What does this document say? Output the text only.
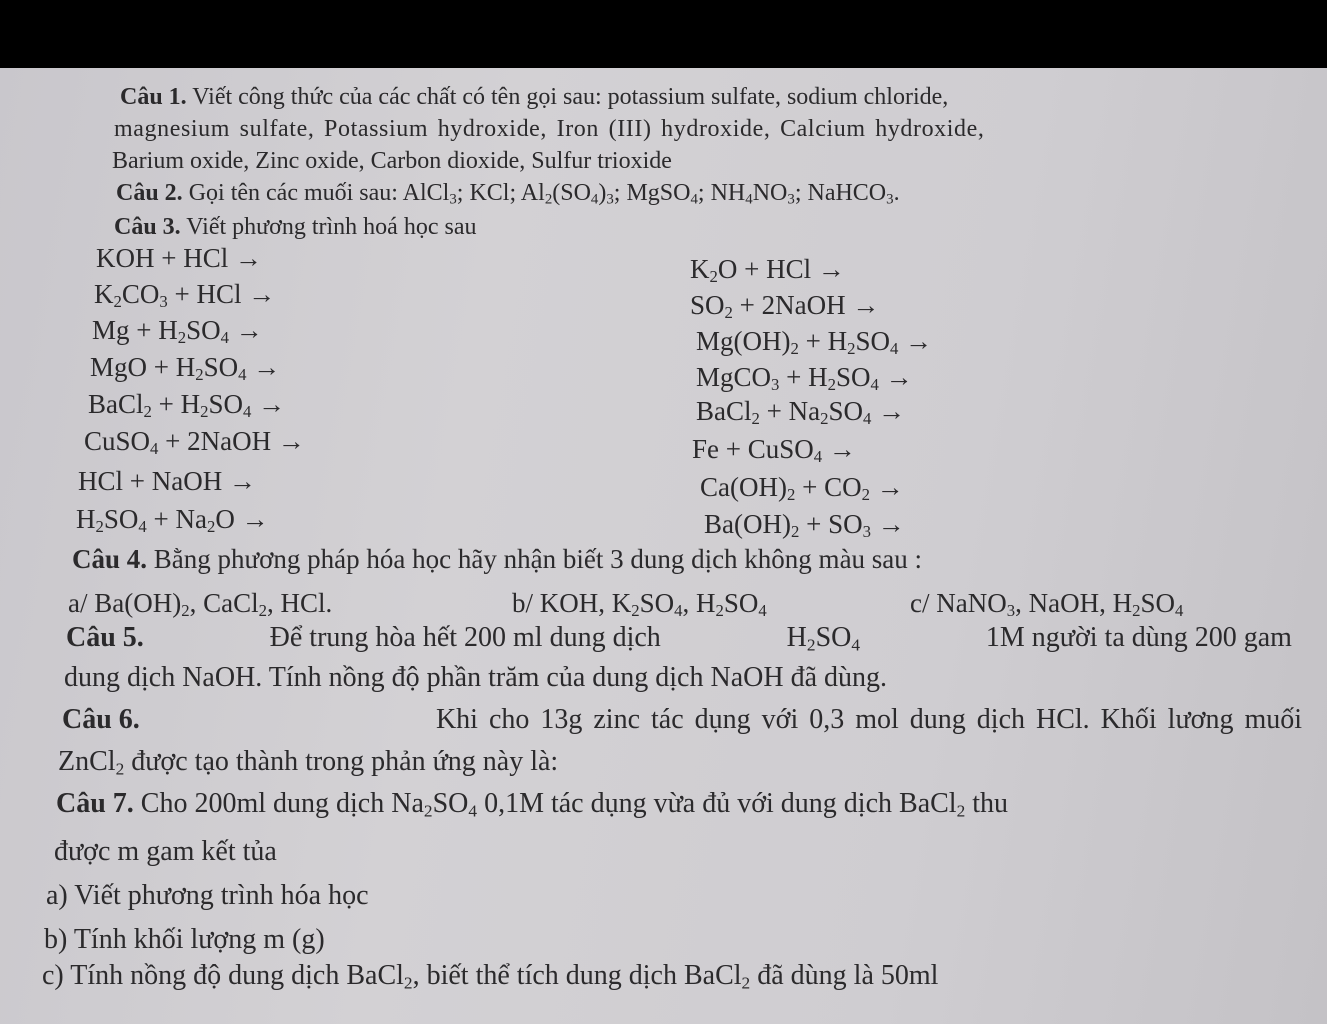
Câu 1. Viết công thức của các chất có tên gọi sau: potassium sulfate, sodium chloride,
magnesium sulfate, Potassium hydroxide, Iron (III) hydroxide, Calcium hydroxide,
Barium oxide, Zinc oxide, Carbon dioxide, Sulfur trioxide
Câu 2. Gọi tên các muối sau: AlCl$_3$; KCl; $Al_2(SO_4)_3$; MgSO$_4$; $NH_4NO_3$; NaHCO$_3$.
Câu 3. Viết phương trình hoá học sau
KOH + HCl →
$K_2CO_3$ + HCl →
$Mg + H_2SO_4$ →
MgO + $H_2SO_4$ →
BaCl$_2$ + $H_2SO_4$ →
CuSO$_4$ + 2NaOH →
HCl + NaOH →
$H_2SO_4 + Na_2O$ →
$K_2O$ + HCl →
$SO_2$ + 2NaOH →
$Mg(OH)_2 + H_2SO_4$ →
MgCO$_3$ + $H_2SO_4$ →
BaCl$_2$ + $Na_2SO_4$ →
Fe + CuSO$_4$ →
$Ca(OH)_2 + CO_2$ →
$Ba(OH)_2 + SO_3$ →
Câu 4. Bằng phương pháp hóa học hãy nhận biết 3 dung dịch không màu sau :
a/ $Ba(OH)_2$, CaCl$_2$, HCl.	b/ KOH, $K_2SO_4$, $H_2SO_4$	c/ NaNO$_3$, NaOH, $H_2SO_4$
Câu 5.	Để trung hòa hết 200 ml dung dịch	$H_2SO_4$	1M người ta dùng 200 gam
dung dịch NaOH. Tính nồng độ phần trăm của dung dịch NaOH đã dùng.
Câu 6.	Khi cho 13g zinc tác dụng với 0,3 mol dung dịch HCl. Khối lương muối
ZnCl$_2$ được tạo thành trong phản ứng này là:
Câu 7. Cho 200ml dung dịch $Na_2SO_4$ 0,1M tác dụng vừa đủ với dung dịch BaCl$_2$ thu
được m gam kết tủa
a) Viết phương trình hóa học
b) Tính khối lượng m (g)
c) Tính nồng độ dung dịch BaCl$_2$, biết thể tích dung dịch BaCl$_2$ đã dùng là 50ml
